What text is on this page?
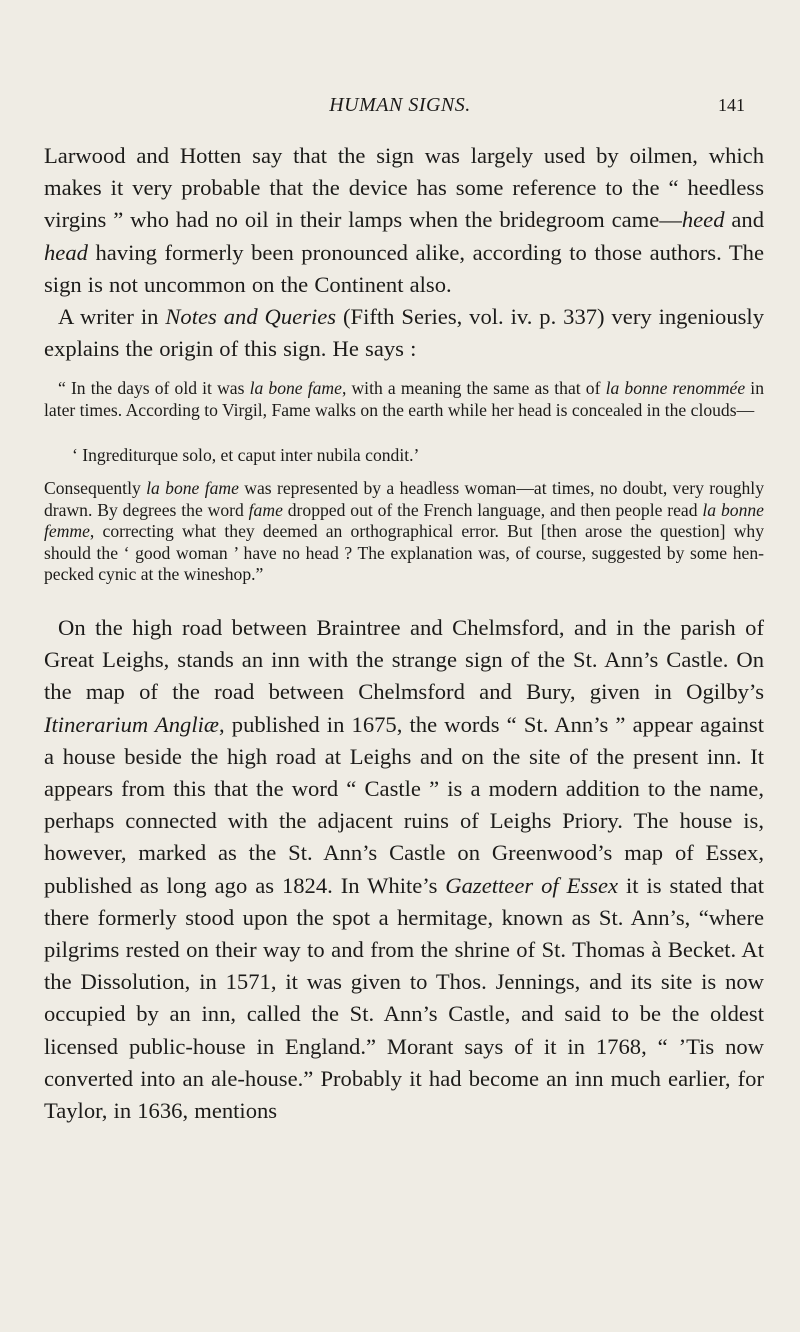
HUMAN SIGNS.	141

Larwood and Hotten say that the sign was largely used by oilmen, which makes it very probable that the device has some reference to the “ heedless virgins ” who had no oil in their lamps when the bridegroom came—heed and head having formerly been pronounced alike, according to those authors. The sign is not uncommon on the Continent also.
A writer in Notes and Queries (Fifth Series, vol. iv. p. 337) very ingeniously explains the origin of this sign. He says :

“ In the days of old it was la bone fame, with a meaning the same as that of la bonne renommée in later times. According to Virgil, Fame walks on the earth while her head is concealed in the clouds—

‘ Ingrediturque solo, et caput inter nubila condit.’

Consequently la bone fame was represented by a headless woman—at times, no doubt, very roughly drawn. By degrees the word fame dropped out of the French language, and then people read la bonne femme, correcting what they deemed an orthographical error. But [then arose the question] why should the ‘ good woman ’ have no head ? The explanation was, of course, suggested by some hen-pecked cynic at the wineshop.”

On the high road between Braintree and Chelmsford, and in the parish of Great Leighs, stands an inn with the strange sign of the St. Ann’s Castle. On the map of the road between Chelmsford and Bury, given in Ogilby’s Itinerarium Angliæ, published in 1675, the words “ St. Ann’s ” appear against a house beside the high road at Leighs and on the site of the present inn. It appears from this that the word “ Castle ” is a modern addition to the name, perhaps connected with the adjacent ruins of Leighs Priory. The house is, however, marked as the St. Ann’s Castle on Greenwood’s map of Essex, published as long ago as 1824. In White’s Gazetteer of Essex it is stated that there formerly stood upon the spot a hermitage, known as St. Ann’s, “where pilgrims rested on their way to and from the shrine of St. Thomas à Becket. At the Dissolution, in 1571, it was given to Thos. Jennings, and its site is now occupied by an inn, called the St. Ann’s Castle, and said to be the oldest licensed public-house in England.” Morant says of it in 1768, “ ’Tis now converted into an ale-house.” Probably it had become an inn much earlier, for Taylor, in 1636, mentions
